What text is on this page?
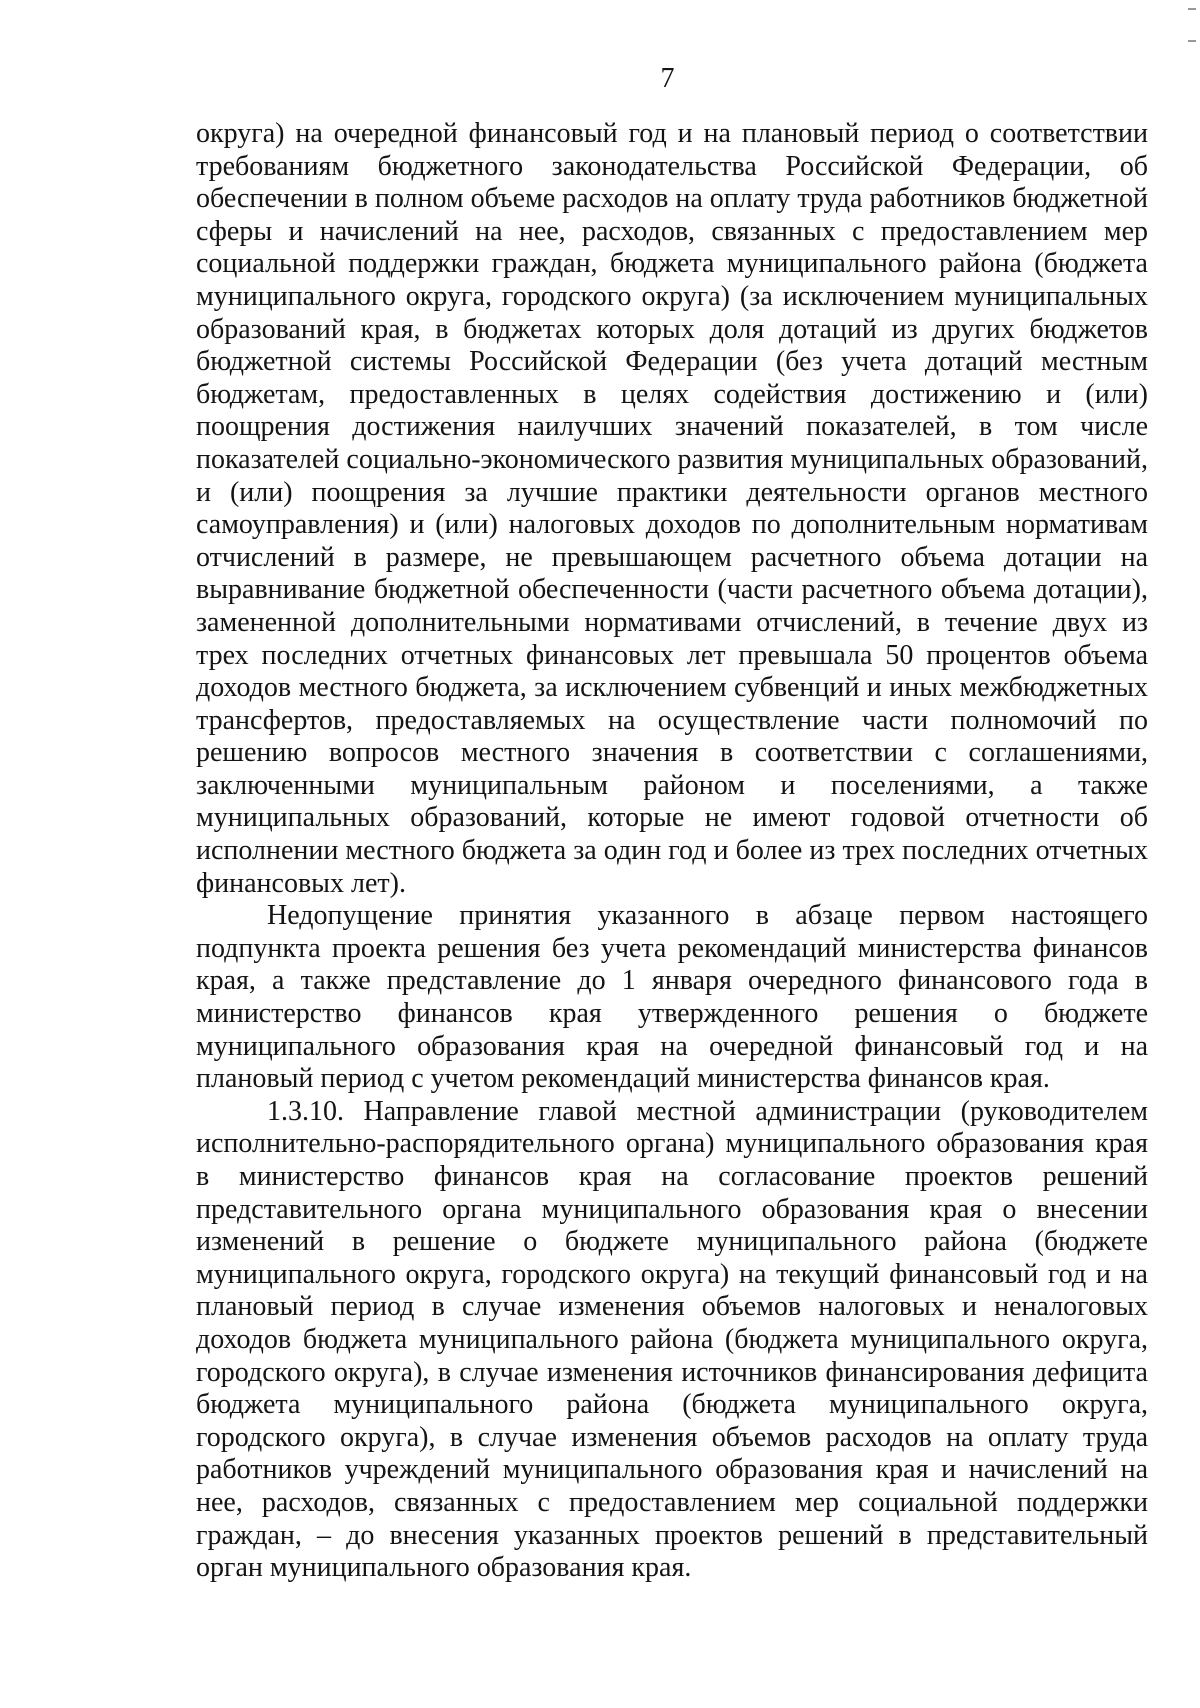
7

округа) на очередной финансовый год и на плановый период о соответствии требованиям бюджетного законодательства Российской Федерации, об обеспечении в полном объеме расходов на оплату труда работников бюджетной сферы и начислений на нее, расходов, связанных с предоставлением мер социальной поддержки граждан, бюджета муниципального района (бюджета муниципального округа, городского округа) (за исключением муниципальных образований края, в бюджетах которых доля дотаций из других бюджетов бюджетной системы Российской Федерации (без учета дотаций местным бюджетам, предоставленных в целях содействия достижению и (или) поощрения достижения наилучших значений показателей, в том числе показателей социально-экономического развития муниципальных образований, и (или) поощрения за лучшие практики деятельности органов местного самоуправления) и (или) налоговых доходов по дополнительным нормативам отчислений в размере, не превышающем расчетного объема дотации на выравнивание бюджетной обеспеченности (части расчетного объема дотации), замененной дополнительными нормативами отчислений, в течение двух из трех последних отчетных финансовых лет превышала 50 процентов объема доходов местного бюджета, за исключением субвенций и иных межбюджетных трансфертов, предоставляемых на осуществление части полномочий по решению вопросов местного значения в соответствии с соглашениями, заключенными муниципальным районом и поселениями, а также муниципальных образований, которые не имеют годовой отчетности об исполнении местного бюджета за один год и более из трех последних отчетных финансовых лет).

Недопущение принятия указанного в абзаце первом настоящего подпункта проекта решения без учета рекомендаций министерства финансов края, а также представление до 1 января очередного финансового года в министерство финансов края утвержденного решения о бюджете муниципального образования края на очередной финансовый год и на плановый период с учетом рекомендаций министерства финансов края.

1.3.10. Направление главой местной администрации (руководителем исполнительно-распорядительного органа) муниципального образования края в министерство финансов края на согласование проектов решений представительного органа муниципального образования края о внесении изменений в решение о бюджете муниципального района (бюджете муниципального округа, городского округа) на текущий финансовый год и на плановый период в случае изменения объемов налоговых и неналоговых доходов бюджета муниципального района (бюджета муниципального округа, городского округа), в случае изменения источников финансирования дефицита бюджета муниципального района (бюджета муниципального округа, городского округа), в случае изменения объемов расходов на оплату труда работников учреждений муниципального образования края и начислений на нее, расходов, связанных с предоставлением мер социальной поддержки граждан, – до внесения указанных проектов решений в представительный орган муниципального образования края.
